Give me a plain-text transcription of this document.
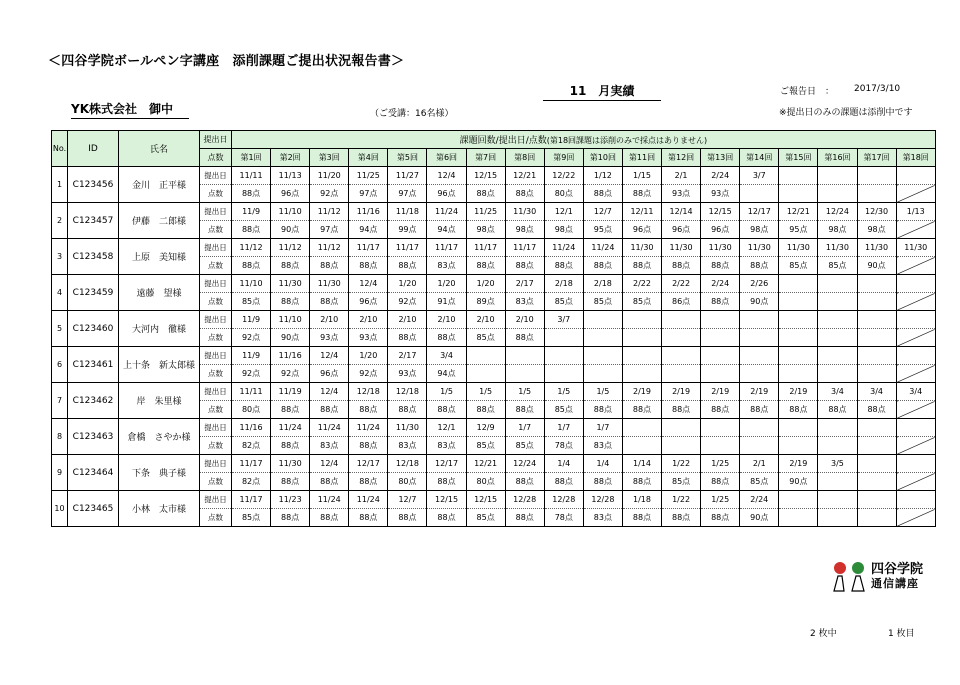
＜四谷学院ボールペン字講座　添削課題ご提出状況報告書＞
11　月実績	ご報告日　： 2017/3/10
YK株式会社　御中	（ご受講：16名様）	※提出日のみの課題は添削中です
No.	ID	氏名	提出日	課題回数/提出日/点数(第18回課題は添削のみで採点はありません)																	
			点数	第1回	第2回	第3回	第4回	第5回	第6回	第7回	第8回	第9回	第10回	第11回	第12回	第13回	第14回	第15回	第16回	第17回	第18回
1	C123456	金川　正平様	提出日	11/11	11/13	11/20	11/25	11/27	12/4	12/15	12/21	12/22	1/12	1/15	2/1	2/24	3/7				
			点数	88点	96点	92点	97点	97点	96点	88点	88点	80点	88点	88点	93点	93点					
2	C123457	伊藤　二郎様	提出日	11/9	11/10	11/12	11/16	11/18	11/24	11/25	11/30	12/1	12/7	12/11	12/14	12/15	12/17	12/21	12/24	12/30	1/13
			点数	88点	90点	97点	94点	99点	94点	98点	98点	98点	95点	96点	96点	96点	98点	95点	98点	98点	
3	C123458	上原　美知様	提出日	11/12	11/12	11/12	11/17	11/17	11/17	11/17	11/17	11/24	11/24	11/30	11/30	11/30	11/30	11/30	11/30	11/30	11/30
			点数	88点	88点	88点	88点	88点	83点	88点	88点	88点	88点	88点	88点	88点	88点	85点	85点	90点	
4	C123459	遠藤　望様	提出日	11/10	11/30	11/30	12/4	1/20	1/20	1/20	2/17	2/18	2/18	2/22	2/22	2/24	2/26				
			点数	85点	88点	88点	96点	92点	91点	89点	83点	85点	85点	85点	86点	88点	90点				
5	C123460	大河内　徹様	提出日	11/9	11/10	2/10	2/10	2/10	2/10	2/10	2/10	3/7									
			点数	92点	90点	93点	93点	88点	88点	85点	88点										
6	C123461	上十条　新太郎様	提出日	11/9	11/16	12/4	1/20	2/17	3/4												
			点数	92点	92点	96点	92点	93点	94点												
7	C123462	岸　朱里様	提出日	11/11	11/19	12/4	12/18	12/18	1/5	1/5	1/5	1/5	1/5	2/19	2/19	2/19	2/19	2/19	3/4	3/4	3/4
			点数	80点	88点	88点	88点	88点	88点	88点	88点	85点	88点	88点	88点	88点	88点	88点	88点	88点	
8	C123463	倉橋　さやか様	提出日	11/16	11/24	11/24	11/24	11/30	12/1	12/9	1/7	1/7	1/7								
			点数	82点	88点	83点	88点	83点	83点	85点	85点	78点	83点								
9	C123464	下条　典子様	提出日	11/17	11/30	12/4	12/17	12/18	12/17	12/21	12/24	1/4	1/4	1/14	1/22	1/25	2/1	2/19	3/5		
			点数	82点	88点	88点	88点	80点	88点	80点	88点	88点	88点	88点	85点	88点	85点	90点			
10	C123465	小林　太市様	提出日	11/17	11/23	11/24	11/24	12/7	12/15	12/15	12/28	12/28	12/28	1/18	1/22	1/25	2/24				
			点数	85点	88点	88点	88点	88点	88点	85点	88点	78点	83点	88点	88点	88点	90点				
四谷学院
通信講座
2 枚中	1 枚目
